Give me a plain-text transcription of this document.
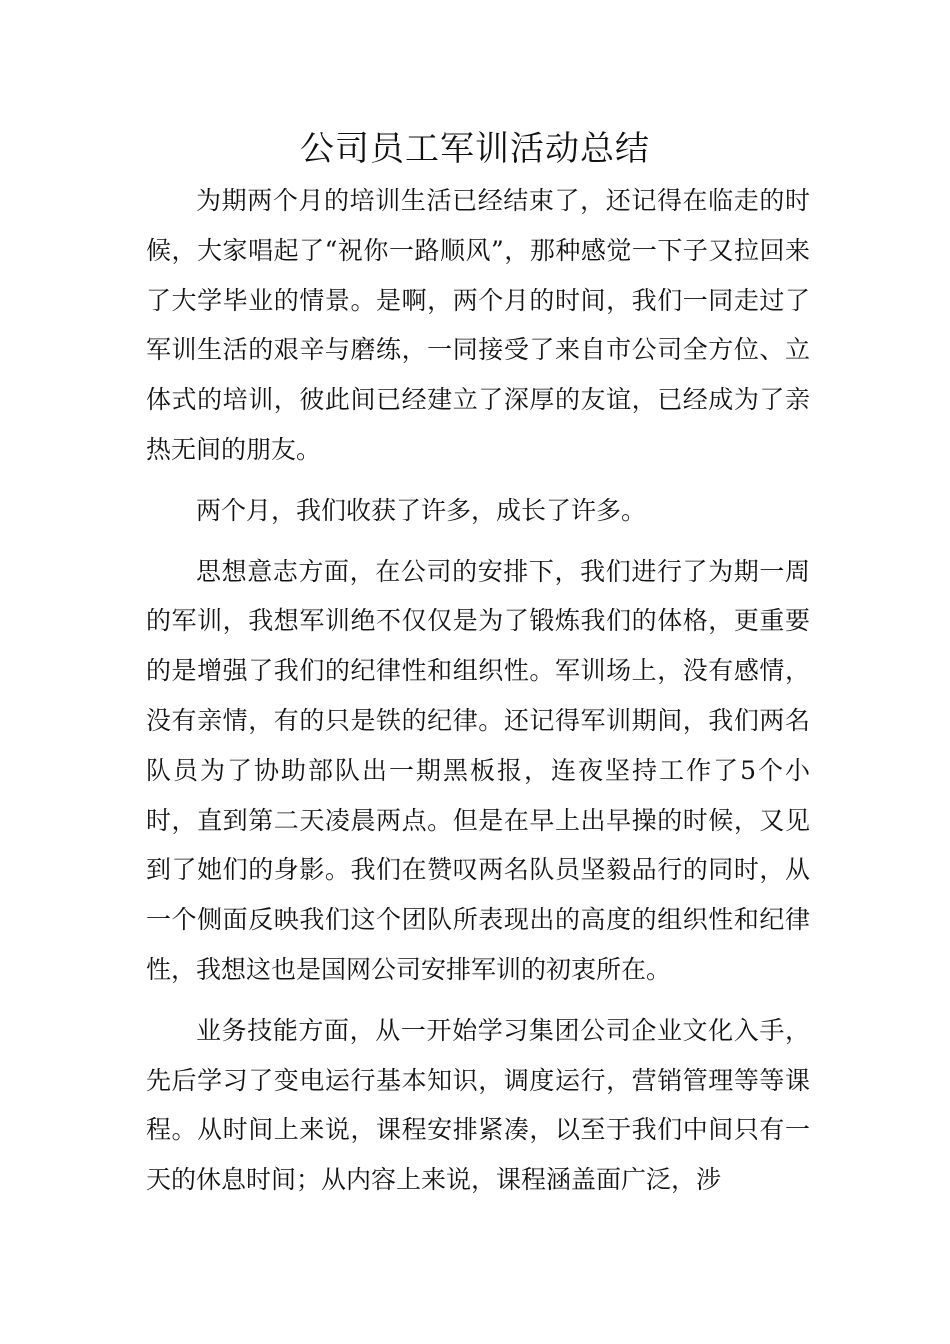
公司员工军训活动总结

为期两个月的培训生活已经结束了，还记得在临走的时候，大家唱起了“祝你一路顺风”，那种感觉一下子又拉回来了大学毕业的情景。是啊，两个月的时间，我们一同走过了军训生活的艰辛与磨练，一同接受了来自市公司全方位、立体式的培训，彼此间已经建立了深厚的友谊，已经成为了亲热无间的朋友。

两个月，我们收获了许多，成长了许多。

思想意志方面，在公司的安排下，我们进行了为期一周的军训，我想军训绝不仅仅是为了锻炼我们的体格，更重要的是增强了我们的纪律性和组织性。军训场上，没有感情，没有亲情，有的只是铁的纪律。还记得军训期间，我们两名队员为了协助部队出一期黑板报，连夜坚持工作了5个小时，直到第二天凌晨两点。但是在早上出早操的时候，又见到了她们的身影。我们在赞叹两名队员坚毅品行的同时，从一个侧面反映我们这个团队所表现出的高度的组织性和纪律性，我想这也是国网公司安排军训的初衷所在。

业务技能方面，从一开始学习集团公司企业文化入手，先后学习了变电运行基本知识，调度运行，营销管理等等课程。从时间上来说，课程安排紧凑，以至于我们中间只有一天的休息时间；从内容上来说，课程涵盖面广泛，涉
